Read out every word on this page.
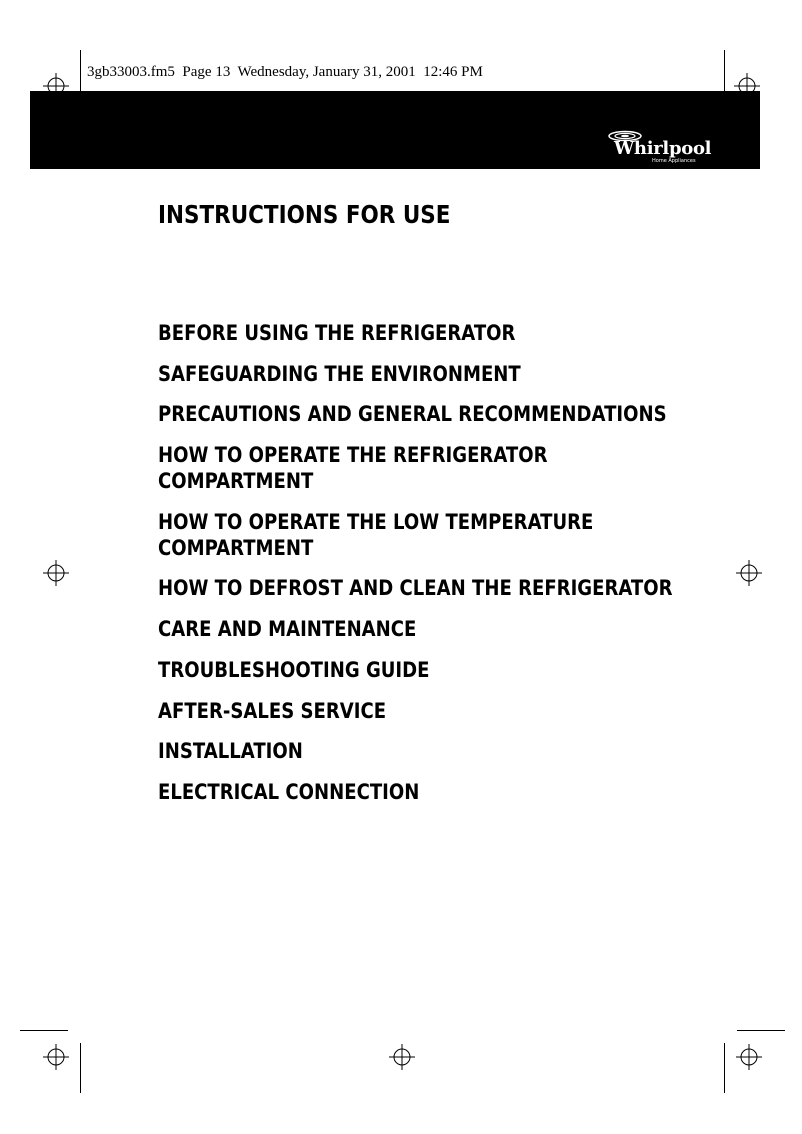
3gb33003.fm5  Page 13  Wednesday, January 31, 2001  12:46 PM
Whirlpool
Home Appliances
INSTRUCTIONS FOR USE
BEFORE USING THE REFRIGERATOR
SAFEGUARDING THE ENVIRONMENT
PRECAUTIONS AND GENERAL RECOMMENDATIONS
HOW TO OPERATE THE REFRIGERATOR COMPARTMENT
HOW TO OPERATE THE LOW TEMPERATURE COMPARTMENT
HOW TO DEFROST AND CLEAN THE REFRIGERATOR
CARE AND MAINTENANCE
TROUBLESHOOTING GUIDE
AFTER-SALES SERVICE
INSTALLATION
ELECTRICAL CONNECTION
